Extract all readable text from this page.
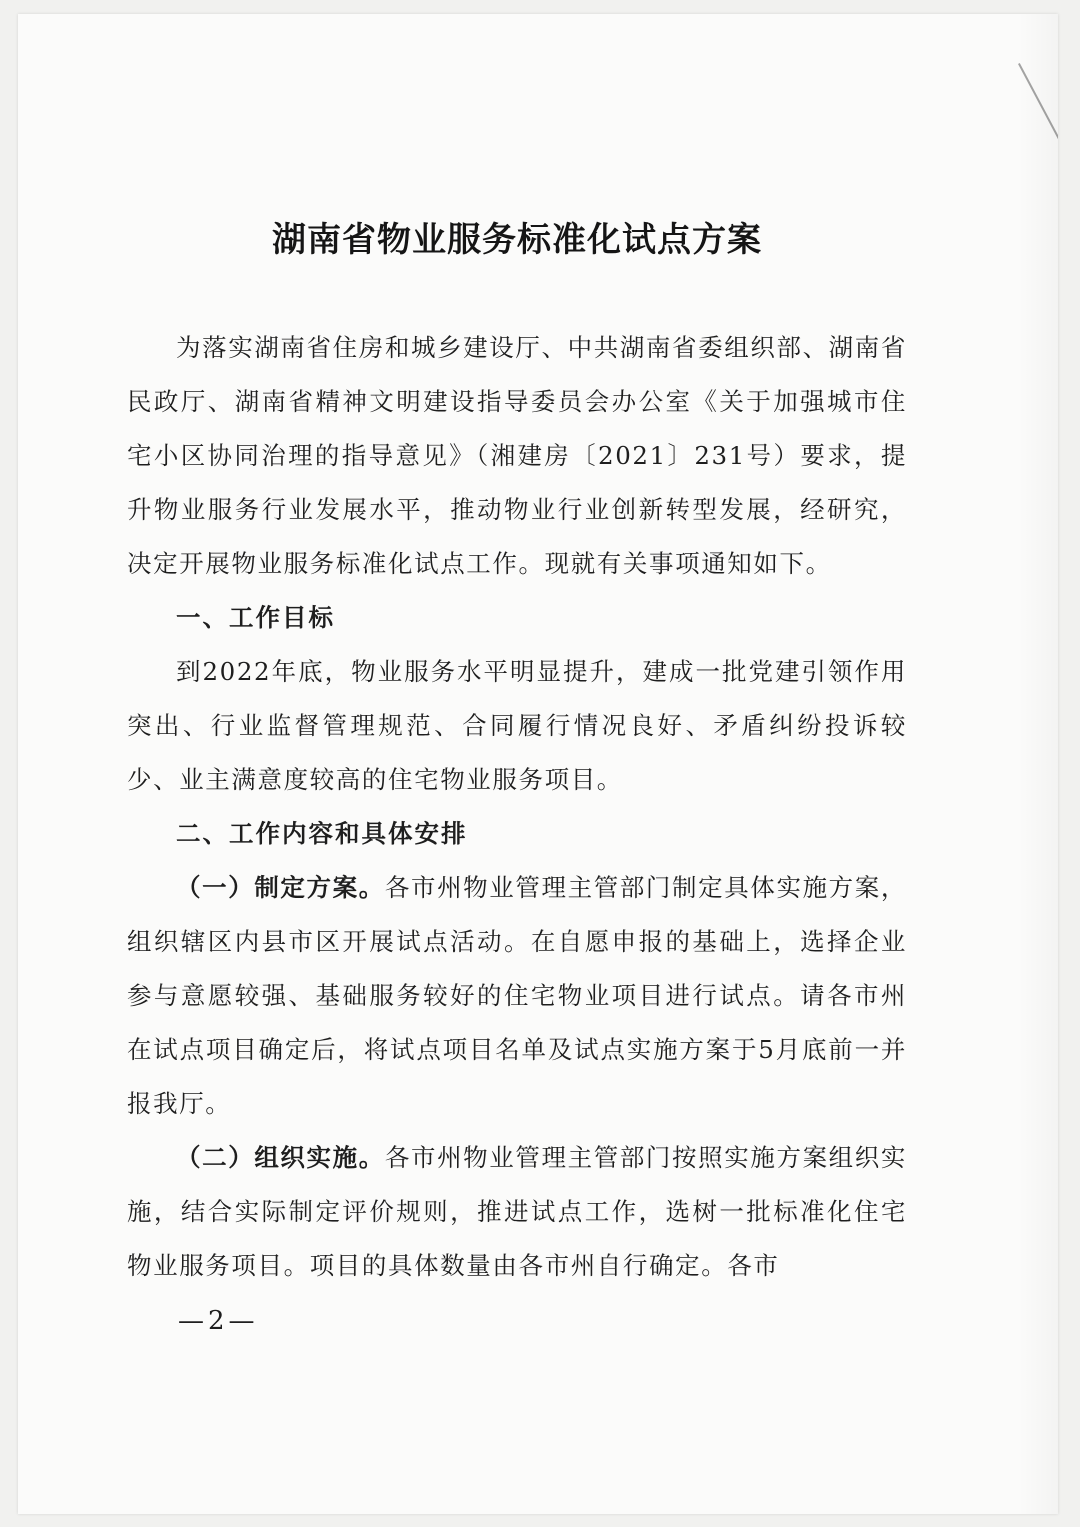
湖南省物业服务标准化试点方案

为落实湖南省住房和城乡建设厅、中共湖南省委组织部、湖南省民政厅、湖南省精神文明建设指导委员会办公室《关于加强城市住宅小区协同治理的指导意见》（湘建房〔2021〕231号）要求，提升物业服务行业发展水平，推动物业行业创新转型发展，经研究，决定开展物业服务标准化试点工作。现就有关事项通知如下。

一、工作目标

到2022年底，物业服务水平明显提升，建成一批党建引领作用突出、行业监督管理规范、合同履行情况良好、矛盾纠纷投诉较少、业主满意度较高的住宅物业服务项目。

二、工作内容和具体安排

（一）制定方案。各市州物业管理主管部门制定具体实施方案，组织辖区内县市区开展试点活动。在自愿申报的基础上，选择企业参与意愿较强、基础服务较好的住宅物业项目进行试点。请各市州在试点项目确定后，将试点项目名单及试点实施方案于5月底前一并报我厅。

（二）组织实施。各市州物业管理主管部门按照实施方案组织实施，结合实际制定评价规则，推进试点工作，选树一批标准化住宅物业服务项目。项目的具体数量由各市州自行确定。各市

—2—
